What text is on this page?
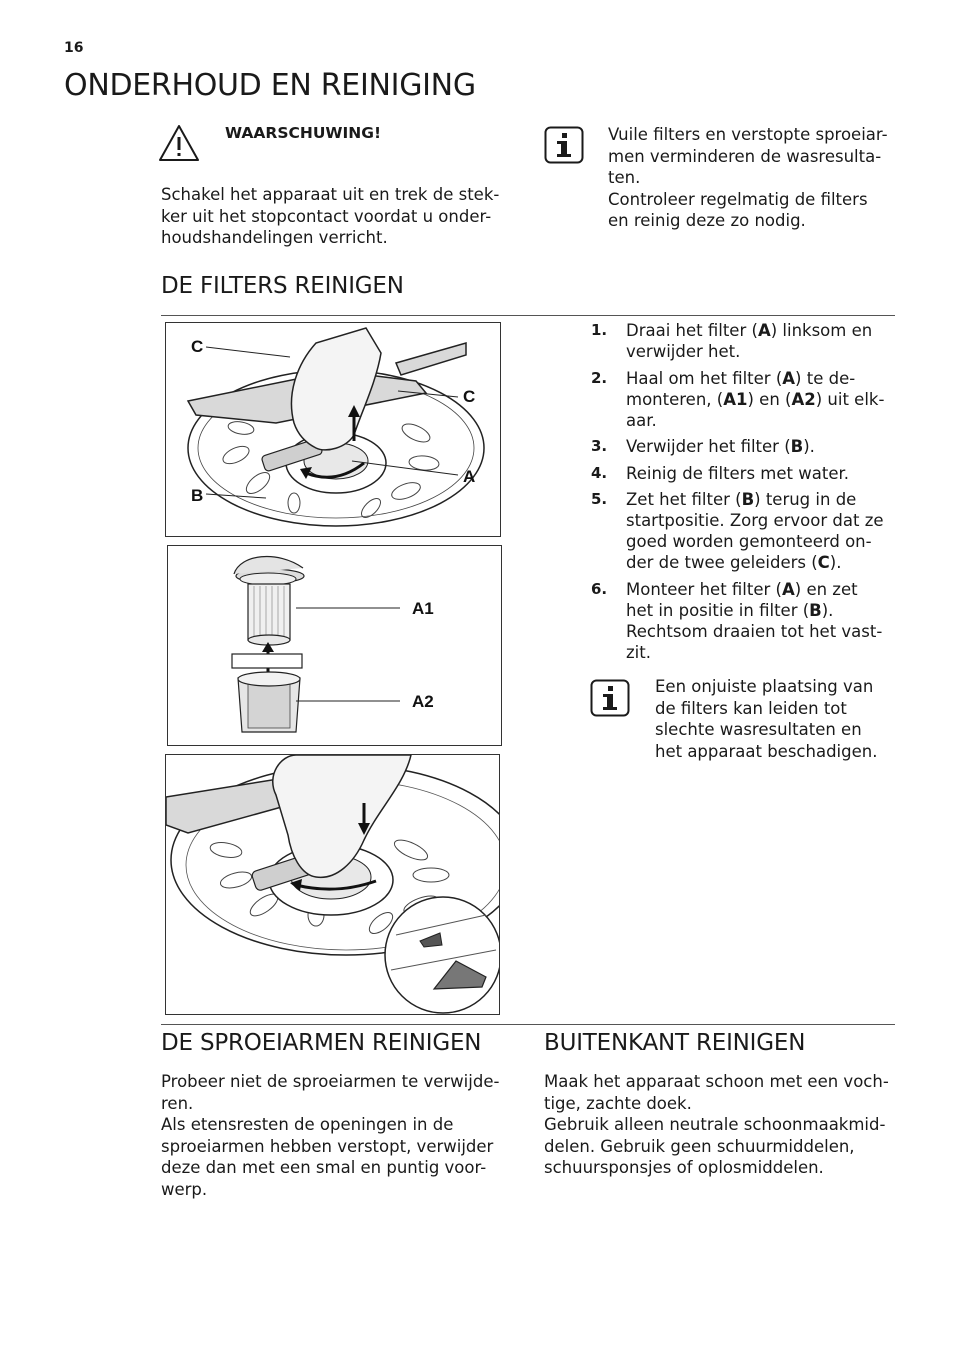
16
ONDERHOUD EN REINIGING
WAARSCHUWING!

Schakel het apparaat uit en trek de stek-

ker uit het stopcontact voordat u onder-

houdshandelingen verricht.

Vuile filters en verstopte sproeiar-

men verminderen de wasresulta-

ten.

Controleer regelmatig de filters

en reinig deze zo nodig.

DE FILTERS REINIGEN
C
C
A
B
A1
A2
1. Draai het filter (A) linksom en
verwijder het.
2. Haal om het filter (A) te de-
monteren, (A1) en (A2) uit elk-
aar.
3. Verwijder het filter (B).
4. Reinig de filters met water.
5. Zet het filter (B) terug in de
startpositie. Zorg ervoor dat ze
goed worden gemonteerd on-
der de twee geleiders (C).
6. Monteer het filter (A) en zet
het in positie in filter (B).
Rechtsom draaien tot het vast-
zit.

Een onjuiste plaatsing van

de filters kan leiden tot

slechte wasresultaten en

het apparaat beschadigen.

DE SPROEIARMEN REINIGEN

Probeer niet de sproeiarmen te verwijde-

ren.

Als etensresten de openingen in de

sproeiarmen hebben verstopt, verwijder

deze dan met een smal en puntig voor-

werp.

BUITENKANT REINIGEN

Maak het apparaat schoon met een voch-

tige, zachte doek.

Gebruik alleen neutrale schoonmaakmid-

delen. Gebruik geen schuurmiddelen,

schuursponsjes of oplosmiddelen.
